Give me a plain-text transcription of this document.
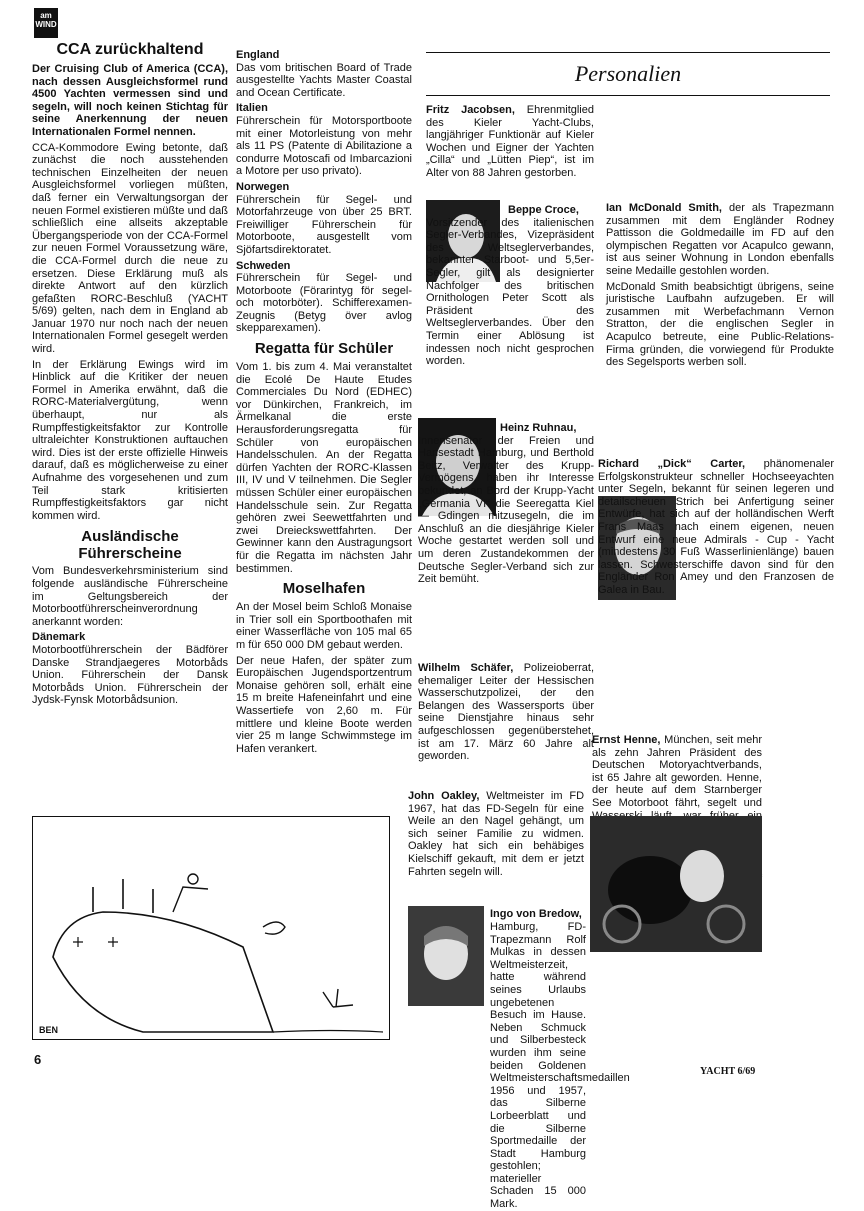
am
WIND
CCA zurückhaltend

Der Cruising Club of America (CCA), nach dessen Ausgleichsformel rund 4500 Yachten vermessen sind und segeln, will noch keinen Stichtag für seine Anerkennung der neuen Internationalen Formel nennen.

CCA-Kommodore Ewing betonte, daß zunächst die noch ausstehenden technischen Einzelheiten der neuen Ausgleichsformel vorliegen müßten, daß ferner ein Verwaltungsorgan der neuen Formel existieren müßte und daß schließlich eine allseits akzeptable Übergangsperiode von der CCA-Formel zur neuen Formel Voraussetzung wäre, die CCA-Formel durch die neue zu ersetzen. Diese Erklärung muß als direkte Antwort auf den kürzlich gefaßten RORC-Beschluß (YACHT 5/69) gelten, nach dem in England ab Januar 1970 nur noch nach der neuen Internationalen Formel gesegelt werden wird.

In der Erklärung Ewings wird im Hinblick auf die Kritiker der neuen Formel in Amerika erwähnt, daß die RORC-Materialvergütung, wenn überhaupt, nur als Rumpffestigkeitsfaktor zur Kontrolle ultraleichter Konstruktionen auftauchen wird. Dies ist der erste offizielle Hinweis darauf, daß es möglicherweise zu einer Aufnahme des vorgesehenen und zum Teil stark kritisierten Rumpffestigkeitsfaktors gar nicht kommen wird.

Ausländische Führerscheine

Vom Bundesverkehrsministerium sind folgende ausländische Führerscheine im Geltungsbereich der Motorbootführerscheinverordnung anerkannt worden:

Dänemark

Motorbootführerschein der Bädförer Danske Strandjaegeres Motorbåds Union. Führerschein der Dansk Motorbåds Union. Führerschein der Jydsk-Fynsk Motorbådsunion.

England

Das vom britischen Board of Trade ausgestellte Yachts Master Coastal and Ocean Certificate.

Italien

Führerschein für Motorsportboote mit einer Motorleistung von mehr als 11 PS (Patente di Abilitazione a condurre Motoscafi od Imbarcazioni a Motore per uso privato).

Norwegen

Führerschein für Segel- und Motorfahrzeuge von über 25 BRT. Freiwilliger Führerschein für Motorboote, ausgestellt vom Sjöfartsdirektoratet.

Schweden

Führerschein für Segel- und Motorboote (Förarintyg för segel- och motorböter). Schifferexamen-Zeugnis (Betyg över avlog skepparexamen).

Regatta für Schüler

Vom 1. bis zum 4. Mai veranstaltet die Ecolé De Haute Etudes Commerciales Du Nord (EDHEC) vor Dünkirchen, Frankreich, im Ärmelkanal die erste Herausforderungsregatta für Schüler von europäischen Handelsschulen. An der Regatta dürfen Yachten der RORC-Klassen III, IV und V teilnehmen. Die Segler müssen Schüler einer europäischen Handelsschule sein. Zur Regatta gehören zwei Seewettfahrten und zwei Dreieckswettfahrten. Der Gewinner kann den Austragungsort für die Regatta im nächsten Jahr bestimmen.

Moselhafen

An der Mosel beim Schloß Monaise in Trier soll ein Sportboothafen mit einer Wasserfläche von 105 mal 65 m für 650 000 DM gebaut werden.

Der neue Hafen, der später zum Europäischen Jugendsportzentrum Monaise gehören soll, erhält eine 15 m breite Hafeneinfahrt und eine Wassertiefe von 2,60 m. Für mittlere und kleine Boote werden vier 25 m lange Schwimmstege im Hafen verankert.

Personalien
Fritz Jacobsen, Ehrenmitglied des Kieler Yacht-Clubs, langjähriger Funktionär auf Kieler Wochen und Eigner der Yachten „Cilla“ und „Lütten Piep“, ist im Alter von 88 Jahren gestorben.
Beppe Croce,
Vorsitzender des italienischen Segler-Verbandes, Vizepräsident des Weltseglerverbandes, bekannter Starboot- und 5,5er-Segler, gilt als designierter Nachfolger des britischen Ornithologen Peter Scott als Präsident des Weltseglerverbandes. Über den Termin einer Ablösung ist indessen noch nicht gesprochen worden.
Heinz Ruhnau,
Innensenator der Freien und Hansestadt Hamburg, und Berthold Beitz, Verwalter des Krupp-Vermögens, haben ihr Interesse bekundet, an Bord der Krupp-Yacht „Germania VI“ die Seeregatta Kiel — Gdingen mitzusegeln, die im Anschluß an die diesjährige Kieler Woche gestartet werden soll und um deren Zustandekommen der Deutsche Segler-Verband sich zur Zeit bemüht.
Wilhelm Schäfer, Polizeioberrat, ehemaliger Leiter der Hessischen Wasserschutzpolizei, der den Belangen des Wassersports über seine Dienstjahre hinaus sehr aufgeschlossen gegenüberstehet, ist am 17. März 60 Jahre alt geworden.
John Oakley, Weltmeister im FD 1967, hat das FD-Segeln für eine Weile an den Nagel gehängt, um sich seiner Familie zu widmen. Oakley hat sich ein behäbiges Kielschiff gekauft, mit dem er jetzt Fahrten segeln will.
Ingo von Bredow,
Hamburg, FD-Trapezmann Rolf Mulkas in dessen Weltmeisterzeit, hatte während seines Urlaubs ungebetenen Besuch im Hause. Neben Schmuck und Silberbesteck wurden ihm seine beiden Goldenen Weltmeisterschaftsmedaillen 1956 und 1957, das Silberne Lorbeerblatt und die Silberne Sportmedaille der Stadt Hamburg gestohlen; materieller Schaden 15 000 Mark.
Ian McDonald Smith, der als Trapezmann zusammen mit dem Engländer Rodney Pattisson die Goldmedaille im FD auf den olympischen Regatten vor Acapulco gewann, ist aus seiner Wohnung in London ebenfalls seine Medaille gestohlen worden.
McDonald Smith beabsichtigt übrigens, seine juristische Laufbahn aufzugeben. Er will zusammen mit Werbefachmann Vernon Stratton, der die englischen Segler in Acapulco betreute, eine Public-Relations-Firma gründen, die vorwiegend für Produkte des Segelsports werben soll.
Richard „Dick“ Carter, phänomenaler Erfolgskonstrukteur schneller Hochseeyachten unter Segeln, bekannt für seinen legeren und detailscheuen Strich bei Anfertigung seiner Entwürfe, hat sich auf der holländischen Werft Frans Maas nach einem eigenen, neuen Entwurf eine neue Admirals - Cup - Yacht (mindestens 30 Fuß Wasserlinienlänge) bauen lassen. Schwesterschiffe davon sind für den Engländer Ron Amey und den Franzosen de Galea in Bau.
Ernst Henne, München, seit mehr als zehn Jahren Präsident des Deutschen Motoryachtverbands, ist 65 Jahre alt geworden. Henne, der heute auf dem Starnberger See Motorboot fährt, segelt und
BEN
6
YACHT 6/69
